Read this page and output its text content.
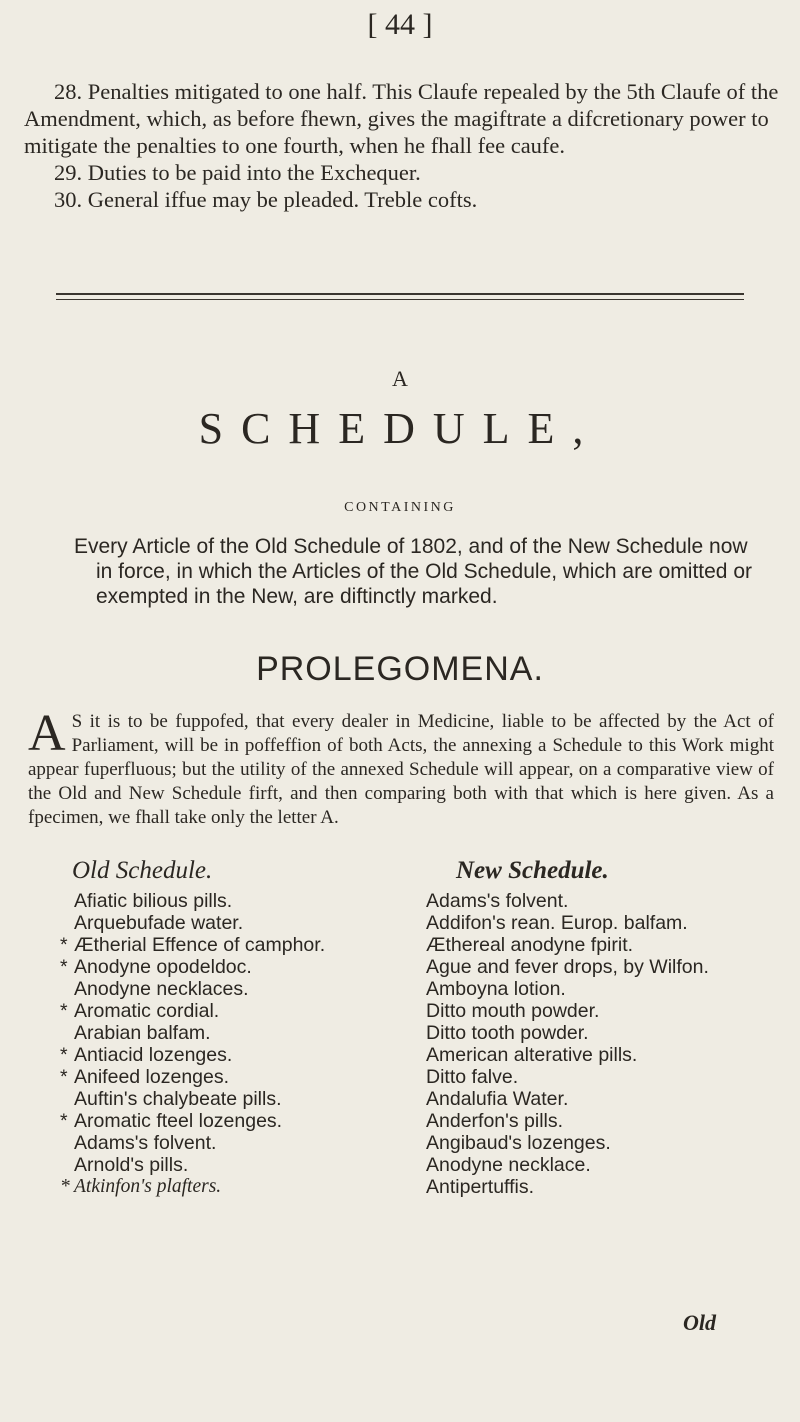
[ 44 ]

28. Penalties mitigated to one half. This Claufe repealed by the 5th Claufe of the Amendment, which, as before fhewn, gives the magiftrate a difcretionary power to mitigate the penalties to one fourth, when he fhall fee caufe.

29. Duties to be paid into the Exchequer.

30. General iffue may be pleaded. Treble cofts.

A
SCHEDULE,
CONTAINING

Every Article of the Old Schedule of 1802, and of the New Schedule now in force, in which the Articles of the Old Schedule, which are omitted or exempted in the New, are diftinctly marked.

PROLEGOMENA.

A S it is to be fuppofed, that every dealer in Medicine, liable to be affected by the Act of Parliament, will be in poffeffion of both Acts, the annexing a Schedule to this Work might appear fuperfluous; but the utility of the annexed Schedule will appear, on a comparative view of the Old and New Schedule firft, and then comparing both with that which is here given. As a fpecimen, we fhall take only the letter A.

Old Schedule.
Afiatic bilious pills.
Arquebufade water.
* Ætherial Effence of camphor.
* Anodyne opodeldoc.
Anodyne necklaces.
* Aromatic cordial.
Arabian balfam.
* Antiacid lozenges.
* Anifeed lozenges.
Auftin's chalybeate pills.
* Aromatic fteel lozenges.
Adams's folvent.
Arnold's pills.
* Atkinfon's plafters.
New Schedule.
Adams's folvent.
Addifon's rean. Europ. balfam.
Æthereal anodyne fpirit.
Ague and fever drops, by Wilfon.
Amboyna lotion.
Ditto mouth powder.
Ditto tooth powder.
American alterative pills.
Ditto falve.
Andalufia Water.
Anderfon's pills.
Angibaud's lozenges.
Anodyne necklace.
Antipertuffis.
Old
